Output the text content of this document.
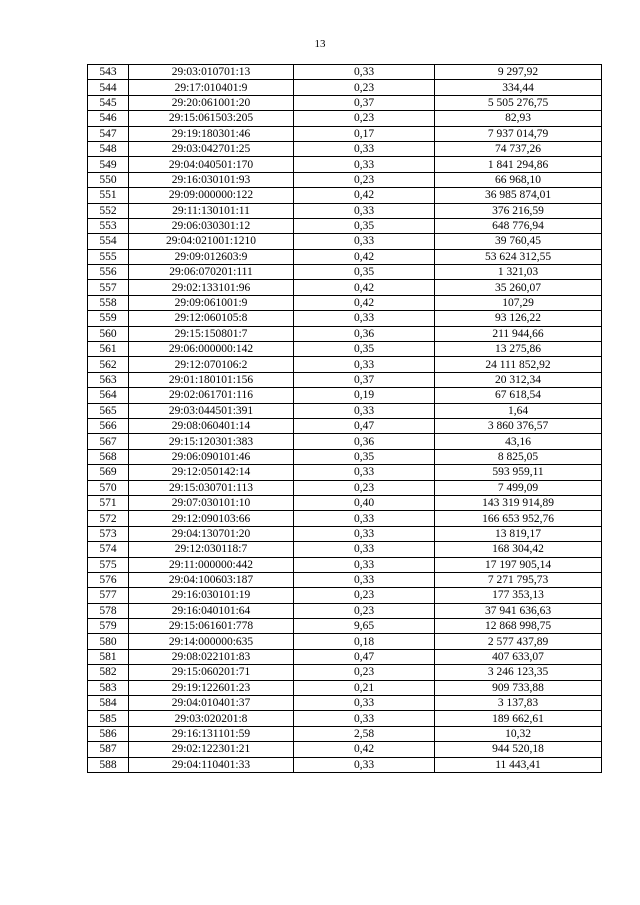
13
543	29:03:010701:13	0,33	9 297,92
544	29:17:010401:9	0,23	334,44
545	29:20:061001:20	0,37	5 505 276,75
546	29:15:061503:205	0,23	82,93
547	29:19:180301:46	0,17	7 937 014,79
548	29:03:042701:25	0,33	74 737,26
549	29:04:040501:170	0,33	1 841 294,86
550	29:16:030101:93	0,23	66 968,10
551	29:09:000000:122	0,42	36 985 874,01
552	29:11:130101:11	0,33	376 216,59
553	29:06:030301:12	0,35	648 776,94
554	29:04:021001:1210	0,33	39 760,45
555	29:09:012603:9	0,42	53 624 312,55
556	29:06:070201:111	0,35	1 321,03
557	29:02:133101:96	0,42	35 260,07
558	29:09:061001:9	0,42	107,29
559	29:12:060105:8	0,33	93 126,22
560	29:15:150801:7	0,36	211 944,66
561	29:06:000000:142	0,35	13 275,86
562	29:12:070106:2	0,33	24 111 852,92
563	29:01:180101:156	0,37	20 312,34
564	29:02:061701:116	0,19	67 618,54
565	29:03:044501:391	0,33	1,64
566	29:08:060401:14	0,47	3 860 376,57
567	29:15:120301:383	0,36	43,16
568	29:06:090101:46	0,35	8 825,05
569	29:12:050142:14	0,33	593 959,11
570	29:15:030701:113	0,23	7 499,09
571	29:07:030101:10	0,40	143 319 914,89
572	29:12:090103:66	0,33	166 653 952,76
573	29:04:130701:20	0,33	13 819,17
574	29:12:030118:7	0,33	168 304,42
575	29:11:000000:442	0,33	17 197 905,14
576	29:04:100603:187	0,33	7 271 795,73
577	29:16:030101:19	0,23	177 353,13
578	29:16:040101:64	0,23	37 941 636,63
579	29:15:061601:778	9,65	12 868 998,75
580	29:14:000000:635	0,18	2 577 437,89
581	29:08:022101:83	0,47	407 633,07
582	29:15:060201:71	0,23	3 246 123,35
583	29:19:122601:23	0,21	909 733,88
584	29:04:010401:37	0,33	3 137,83
585	29:03:020201:8	0,33	189 662,61
586	29:16:131101:59	2,58	10,32
587	29:02:122301:21	0,42	944 520,18
588	29:04:110401:33	0,33	11 443,41
